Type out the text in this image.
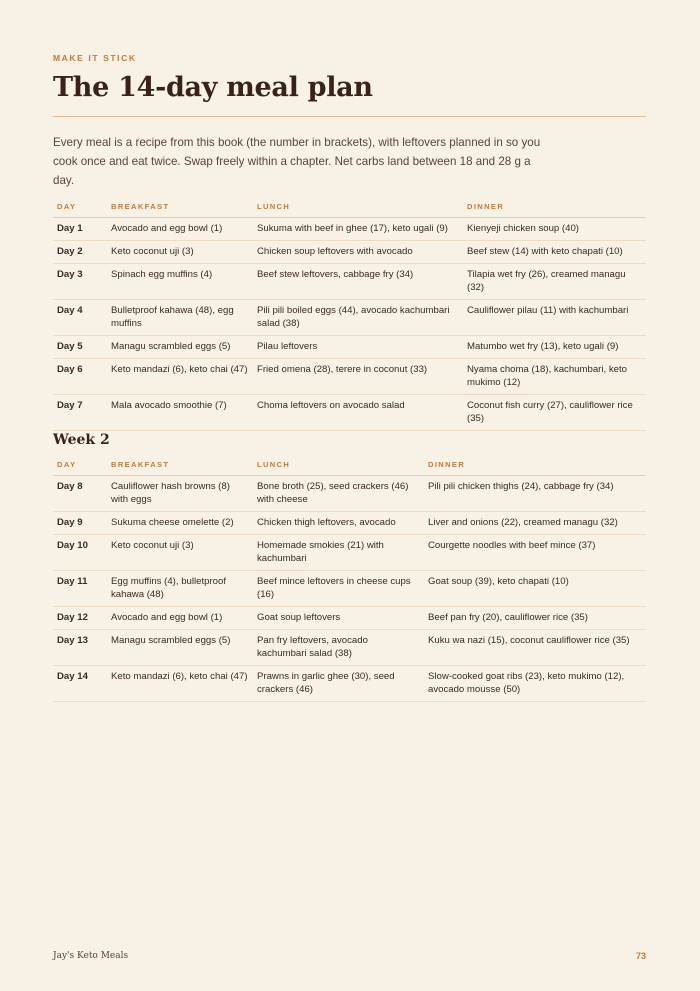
MAKE IT STICK
The 14-day meal plan

Every meal is a recipe from this book (the number in brackets), with leftovers planned in so you cook once and eat twice. Swap freely within a chapter. Net carbs land between 18 and 28 g a day.

DAY	BREAKFAST	LUNCH	DINNER
Day 1	Avocado and egg bowl (1)	Sukuma with beef in ghee (17), keto ugali (9)	Kienyeji chicken soup (40)
Day 2	Keto coconut uji (3)	Chicken soup leftovers with avocado	Beef stew (14) with keto chapati (10)
Day 3	Spinach egg muffins (4)	Beef stew leftovers, cabbage fry (34)	Tilapia wet fry (26), creamed managu (32)
Day 4	Bulletproof kahawa (48), egg muffins	Pili pili boiled eggs (44), avocado kachumbari salad (38)	Cauliflower pilau (11) with kachumbari
Day 5	Managu scrambled eggs (5)	Pilau leftovers	Matumbo wet fry (13), keto ugali (9)
Day 6	Keto mandazi (6), keto chai (47)	Fried omena (28), terere in coconut (33)	Nyama choma (18), kachumbari, keto mukimo (12)
Day 7	Mala avocado smoothie (7)	Choma leftovers on avocado salad	Coconut fish curry (27), cauliflower rice (35)
Week 2
DAY	BREAKFAST	LUNCH	DINNER
Day 8	Cauliflower hash browns (8) with eggs	Bone broth (25), seed crackers (46) with cheese	Pili pili chicken thighs (24), cabbage fry (34)
Day 9	Sukuma cheese omelette (2)	Chicken thigh leftovers, avocado	Liver and onions (22), creamed managu (32)
Day 10	Keto coconut uji (3)	Homemade smokies (21) with kachumbari	Courgette noodles with beef mince (37)
Day 11	Egg muffins (4), bulletproof kahawa (48)	Beef mince leftovers in cheese cups (16)	Goat soup (39), keto chapati (10)
Day 12	Avocado and egg bowl (1)	Goat soup leftovers	Beef pan fry (20), cauliflower rice (35)
Day 13	Managu scrambled eggs (5)	Pan fry leftovers, avocado kachumbari salad (38)	Kuku wa nazi (15), coconut cauliflower rice (35)
Day 14	Keto mandazi (6), keto chai (47)	Prawns in garlic ghee (30), seed crackers (46)	Slow-cooked goat ribs (23), keto mukimo (12), avocado mousse (50)
Jay's Keto Meals	73
